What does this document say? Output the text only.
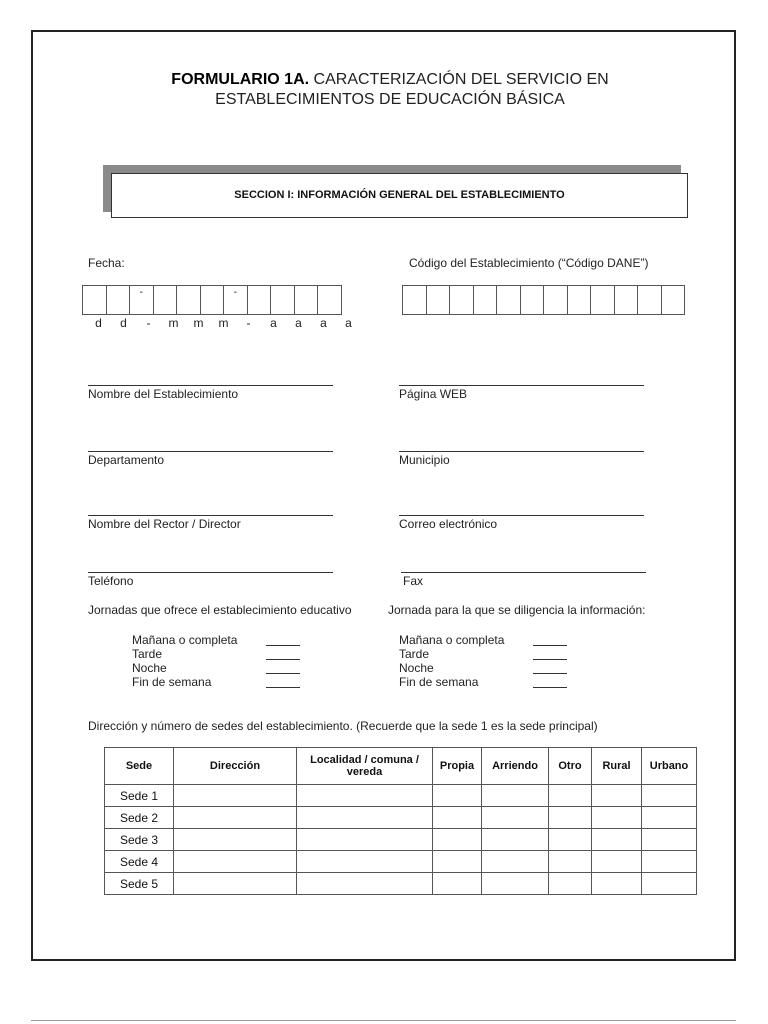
FORMULARIO 1A. CARACTERIZACIÓN DEL SERVICIO EN
ESTABLECIMIENTOS DE EDUCACIÓN BÁSICA
SECCION I: INFORMACIÓN GENERAL DEL ESTABLECIMIENTO
Fecha:
-	-
d	d	-	m	m	m	-	a	a	a	a
Código del Establecimiento (“Código DANE”)
Nombre del Establecimiento	Página WEB
Departamento	Municipio
Nombre del Rector / Director	Correo electrónico
Teléfono	Fax
Jornadas que ofrece el establecimiento educativo	Jornada para la que se diligencia la información:
Mañana o completa
Tarde
Noche
Fin de semana
Mañana o completa
Tarde
Noche
Fin de semana
Dirección y número de sedes del establecimiento. (Recuerde que la sede 1 es la sede principal)
Sede	Dirección	Localidad / comuna / vereda	Propia	Arriendo	Otro	Rural	Urbano
Sede 1							
Sede 2							
Sede 3							
Sede 4							
Sede 5							
